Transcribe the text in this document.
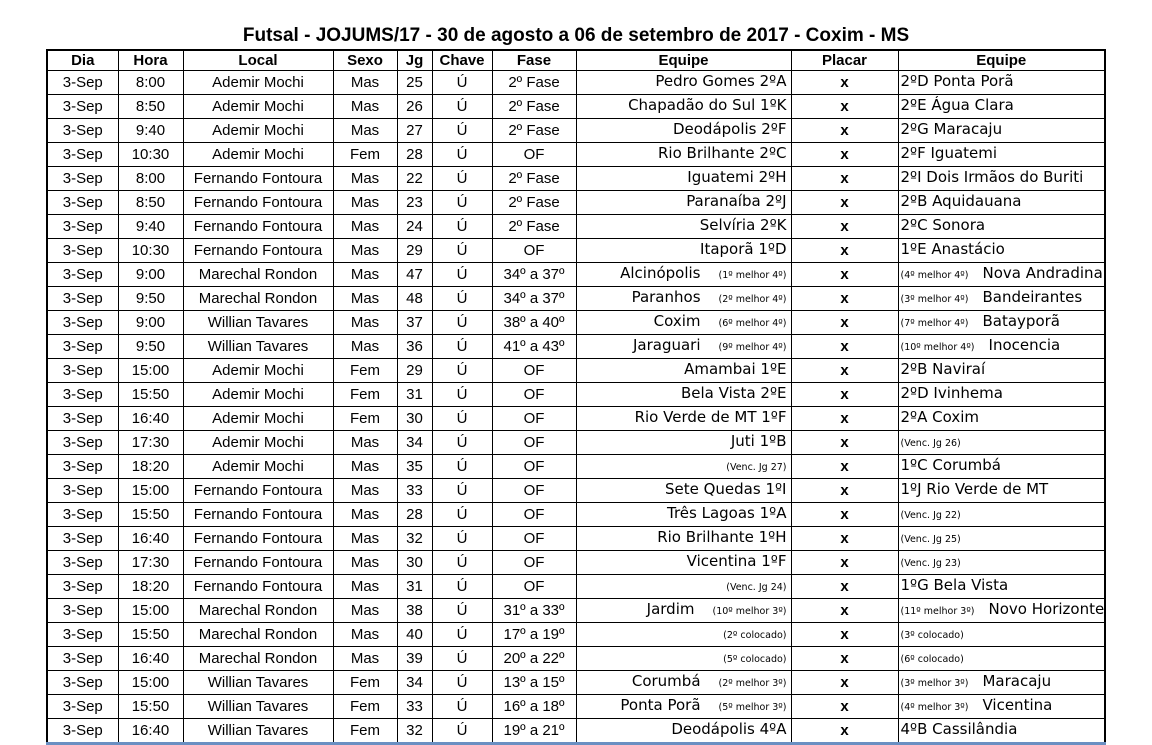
Futsal - JOJUMS/17 - 30 de agosto a 06 de setembro de 2017 - Coxim - MS
Dia	Hora	Local	Sexo	Jg	Chave	Fase	Equipe	Placar	Equipe
3-Sep	8:00	Ademir Mochi	Mas	25	Ú	2º Fase	Pedro Gomes 2ºA	x	2ºD Ponta Porã
3-Sep	8:50	Ademir Mochi	Mas	26	Ú	2º Fase	Chapadão do Sul 1ºK	x	2ºE Água Clara
3-Sep	9:40	Ademir Mochi	Mas	27	Ú	2º Fase	Deodápolis 2ºF	x	2ºG Maracaju
3-Sep	10:30	Ademir Mochi	Fem	28	Ú	OF	Rio Brilhante 2ºC	x	2ºF Iguatemi
3-Sep	8:00	Fernando Fontoura	Mas	22	Ú	2º Fase	Iguatemi 2ºH	x	2ºI Dois Irmãos do Buriti
3-Sep	8:50	Fernando Fontoura	Mas	23	Ú	2º Fase	Paranaíba 2ºJ	x	2ºB Aquidauana
3-Sep	9:40	Fernando Fontoura	Mas	24	Ú	2º Fase	Selvíria 2ºK	x	2ºC Sonora
3-Sep	10:30	Fernando Fontoura	Mas	29	Ú	OF	Itaporã 1ºD	x	1ºE Anastácio
3-Sep	9:00	Marechal Rondon	Mas	47	Ú	34º a 37º	Alcinópolis (1º melhor 4º)	x	(4º melhor 4º) Nova Andradina
3-Sep	9:50	Marechal Rondon	Mas	48	Ú	34º a 37º	Paranhos (2º melhor 4º)	x	(3º melhor 4º) Bandeirantes
3-Sep	9:00	Willian Tavares	Mas	37	Ú	38º a 40º	Coxim (6º melhor 4º)	x	(7º melhor 4º) Batayporã
3-Sep	9:50	Willian Tavares	Mas	36	Ú	41º a 43º	Jaraguari (9º melhor 4º)	x	(10º melhor 4º) Inocencia
3-Sep	15:00	Ademir Mochi	Fem	29	Ú	OF	Amambai 1ºE	x	2ºB Naviraí
3-Sep	15:50	Ademir Mochi	Fem	31	Ú	OF	Bela Vista 2ºE	x	2ºD Ivinhema
3-Sep	16:40	Ademir Mochi	Fem	30	Ú	OF	Rio Verde de MT 1ºF	x	2ºA Coxim
3-Sep	17:30	Ademir Mochi	Mas	34	Ú	OF	Juti 1ºB	x	(Venc. Jg 26)
3-Sep	18:20	Ademir Mochi	Mas	35	Ú	OF	(Venc. Jg 27)	x	1ºC Corumbá
3-Sep	15:00	Fernando Fontoura	Mas	33	Ú	OF	Sete Quedas 1ºI	x	1ºJ Rio Verde de MT
3-Sep	15:50	Fernando Fontoura	Mas	28	Ú	OF	Três Lagoas 1ºA	x	(Venc. Jg 22)
3-Sep	16:40	Fernando Fontoura	Mas	32	Ú	OF	Rio Brilhante 1ºH	x	(Venc. Jg 25)
3-Sep	17:30	Fernando Fontoura	Mas	30	Ú	OF	Vicentina 1ºF	x	(Venc. Jg 23)
3-Sep	18:20	Fernando Fontoura	Mas	31	Ú	OF	(Venc. Jg 24)	x	1ºG Bela Vista
3-Sep	15:00	Marechal Rondon	Mas	38	Ú	31º a 33º	Jardim (10º melhor 3º)	x	(11º melhor 3º) Novo Horizonte
3-Sep	15:50	Marechal Rondon	Mas	40	Ú	17º a 19º	(2º colocado)	x	(3º colocado)
3-Sep	16:40	Marechal Rondon	Mas	39	Ú	20º a 22º	(5º colocado)	x	(6º colocado)
3-Sep	15:00	Willian Tavares	Fem	34	Ú	13º a 15º	Corumbá (2º melhor 3º)	x	(3º melhor 3º) Maracaju
3-Sep	15:50	Willian Tavares	Fem	33	Ú	16º a 18º	Ponta Porã (5º melhor 3º)	x	(4º melhor 3º) Vicentina
3-Sep	16:40	Willian Tavares	Fem	32	Ú	19º a 21º	Deodápolis 4ºA	x	4ºB Cassilândia
